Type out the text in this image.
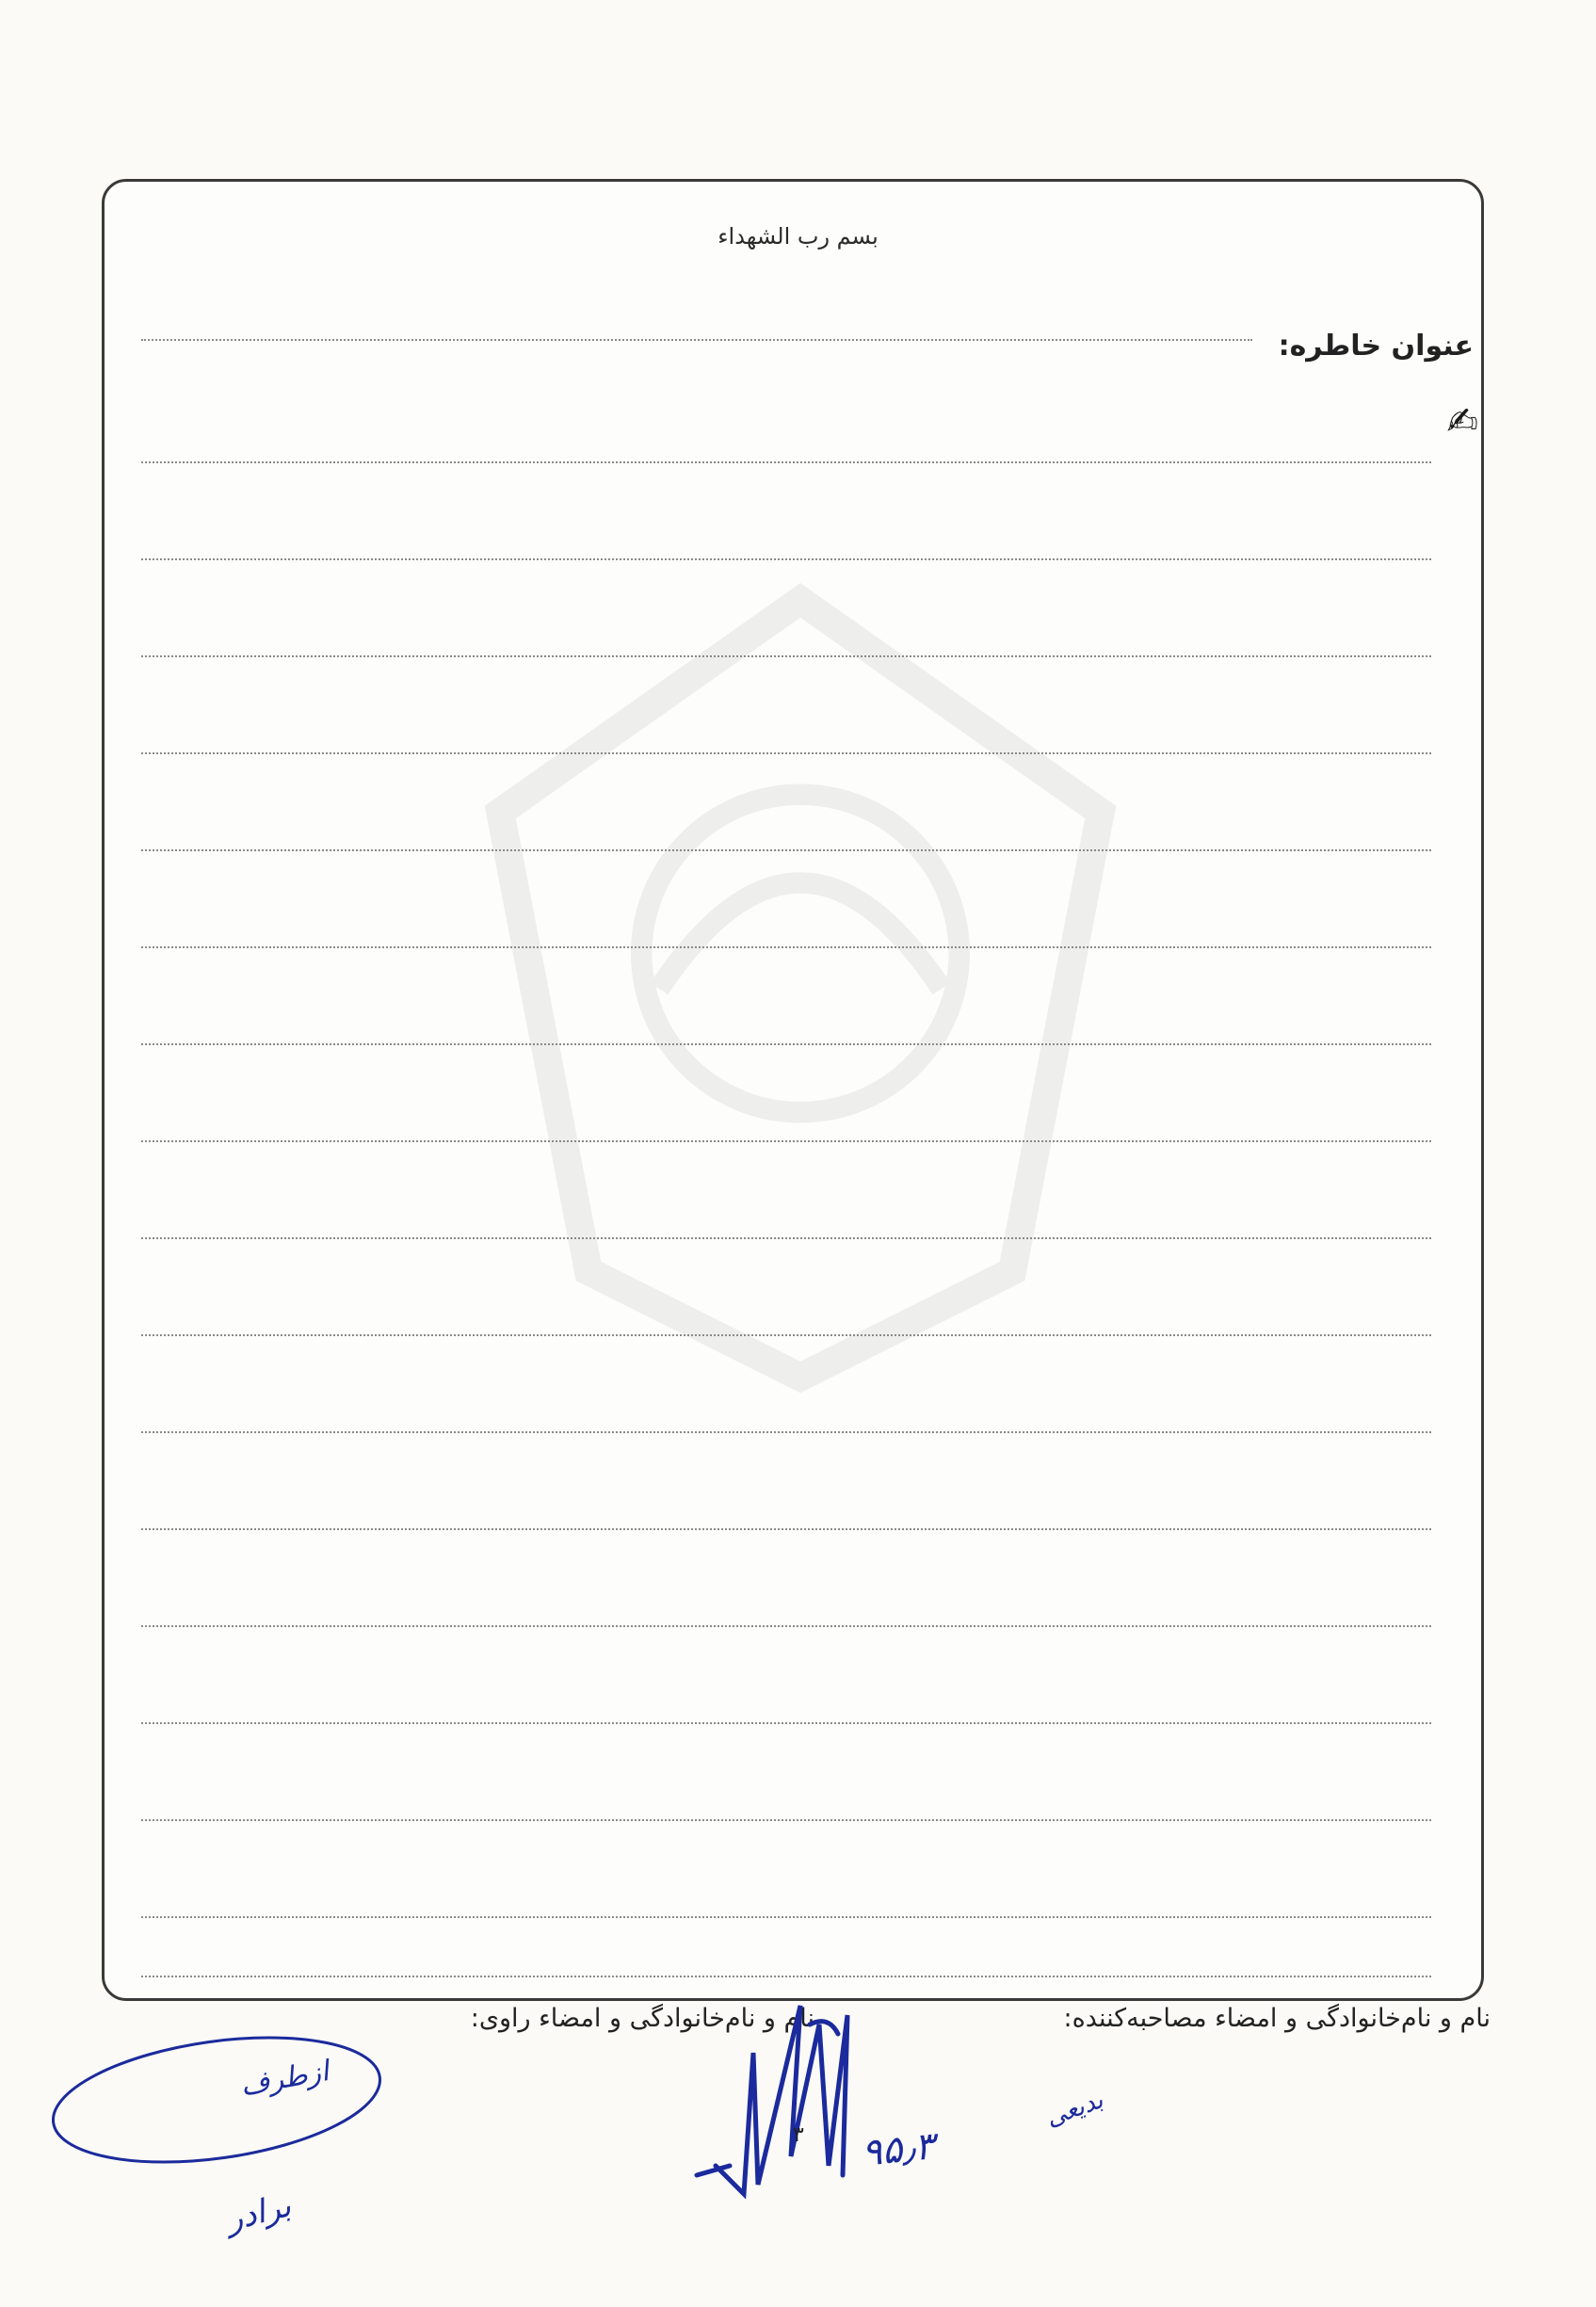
بسم رب الشهداء
عنوان خاطره:
✍
نام و نام‌خانوادگی و امضاء مصاحبه‌کننده:
نام و نام‌خانوادگی و امضاء راوی:
ازطرف
برادر
۳ ۹۵٫۳
بدیعی
